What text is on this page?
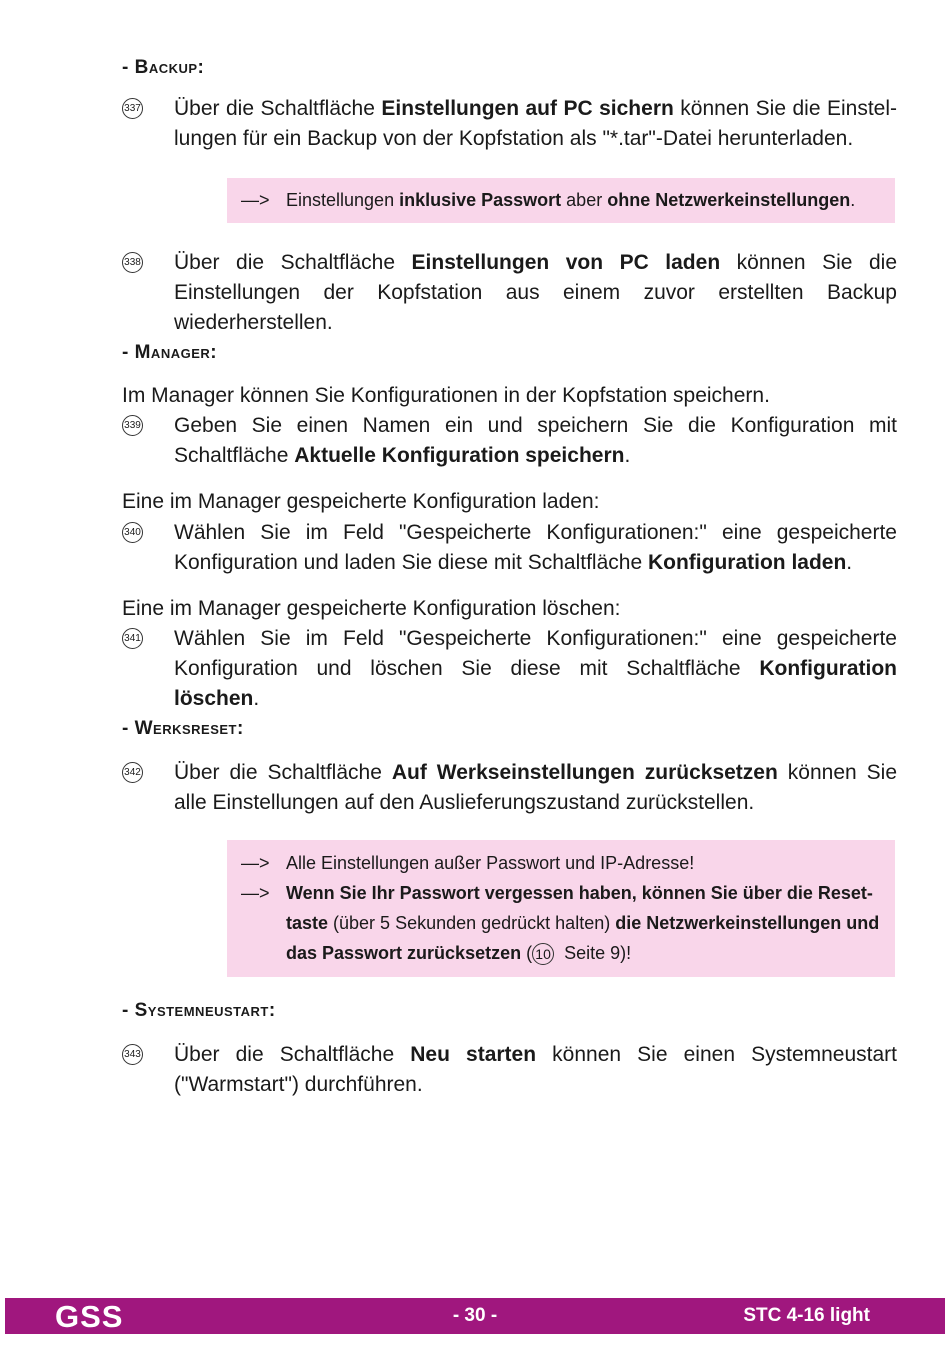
- Backup:
337 Über die Schaltfläche Einstellungen auf PC sichern können Sie die Einstellungen für ein Backup von der Kopfstation als "*.tar"-Datei herunterladen.
—> Einstellungen inklusive Passwort aber ohne Netzwerkeinstellungen.
338 Über die Schaltfläche Einstellungen von PC laden können Sie die Einstellungen der Kopfstation aus einem zuvor erstellten Backup wiederherstellen.
- Manager:
Im Manager können Sie Konfigurationen in der Kopfstation speichern.
339 Geben Sie einen Namen ein und speichern Sie die Konfiguration mit Schaltfläche Aktuelle Konfiguration speichern.
Eine im Manager gespeicherte Konfiguration laden:
340 Wählen Sie im Feld "Gespeicherte Konfigurationen:" eine gespeicherte Konfiguration und laden Sie diese mit Schaltfläche Konfiguration laden.
Eine im Manager gespeicherte Konfiguration löschen:
341 Wählen Sie im Feld "Gespeicherte Konfigurationen:" eine gespeicherte Konfiguration und löschen Sie diese mit Schaltfläche Konfiguration löschen.
- Werksreset:
342 Über die Schaltfläche Auf Werkseinstellungen zurücksetzen können Sie alle Einstellungen auf den Auslieferungszustand zurückstellen.
—> Alle Einstellungen außer Passwort und IP-Adresse!
—> Wenn Sie Ihr Passwort vergessen haben, können Sie über die Resettaste (über 5 Sekunden gedrückt halten) die Netzwerkeinstellungen und das Passwort zurücksetzen ( 10  Seite 9)!
- Systemneustart:
343 Über die Schaltfläche Neu starten können Sie einen Systemneustart ("Warmstart") durchführen.
GSS	- 30 -	STC 4-16 light
